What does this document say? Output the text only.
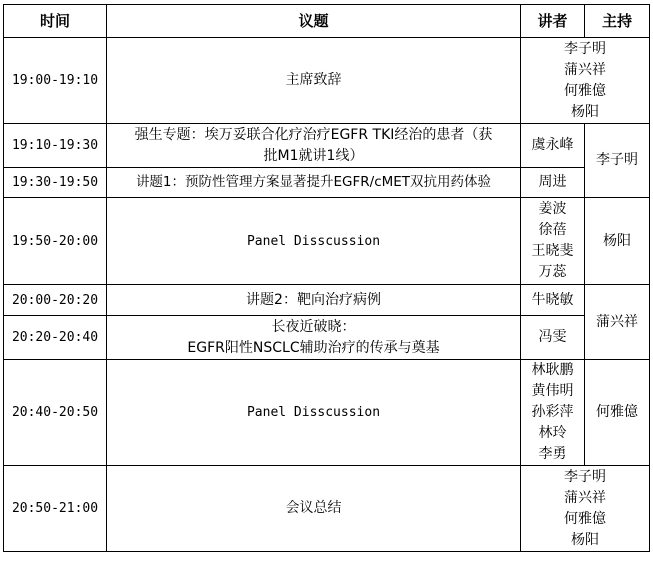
时间	议题	讲者	主持
19:00-19:10	主席致辞	李子明
蒲兴祥
何雅億
杨阳	

19:10-19:30	强生专题：埃万妥联合化疗治疗EGFR TKI经治的患者（获
批M1就讲1线）	虞永峰	李子明
19:30-19:50	讲题1：预防性管理方案显著提升EGFR/cMET双抗用药体验	周进	
19:50-20:00	Panel Disscussion	姜波
徐蓓
王晓斐
万蕊	杨阳
20:00-20:20	讲题2：靶向治疗病例	牛晓敏	蒲兴祥
20:20-20:40	长夜近破晓：
EGFR阳性NSCLC辅助治疗的传承与奠基	冯雯	
20:40-20:50	Panel Disscussion	林耿鹏
黄伟明
孙彩萍
林玲
李勇	何雅億
20:50-21:00	会议总结	李子明
蒲兴祥
何雅億
杨阳	
